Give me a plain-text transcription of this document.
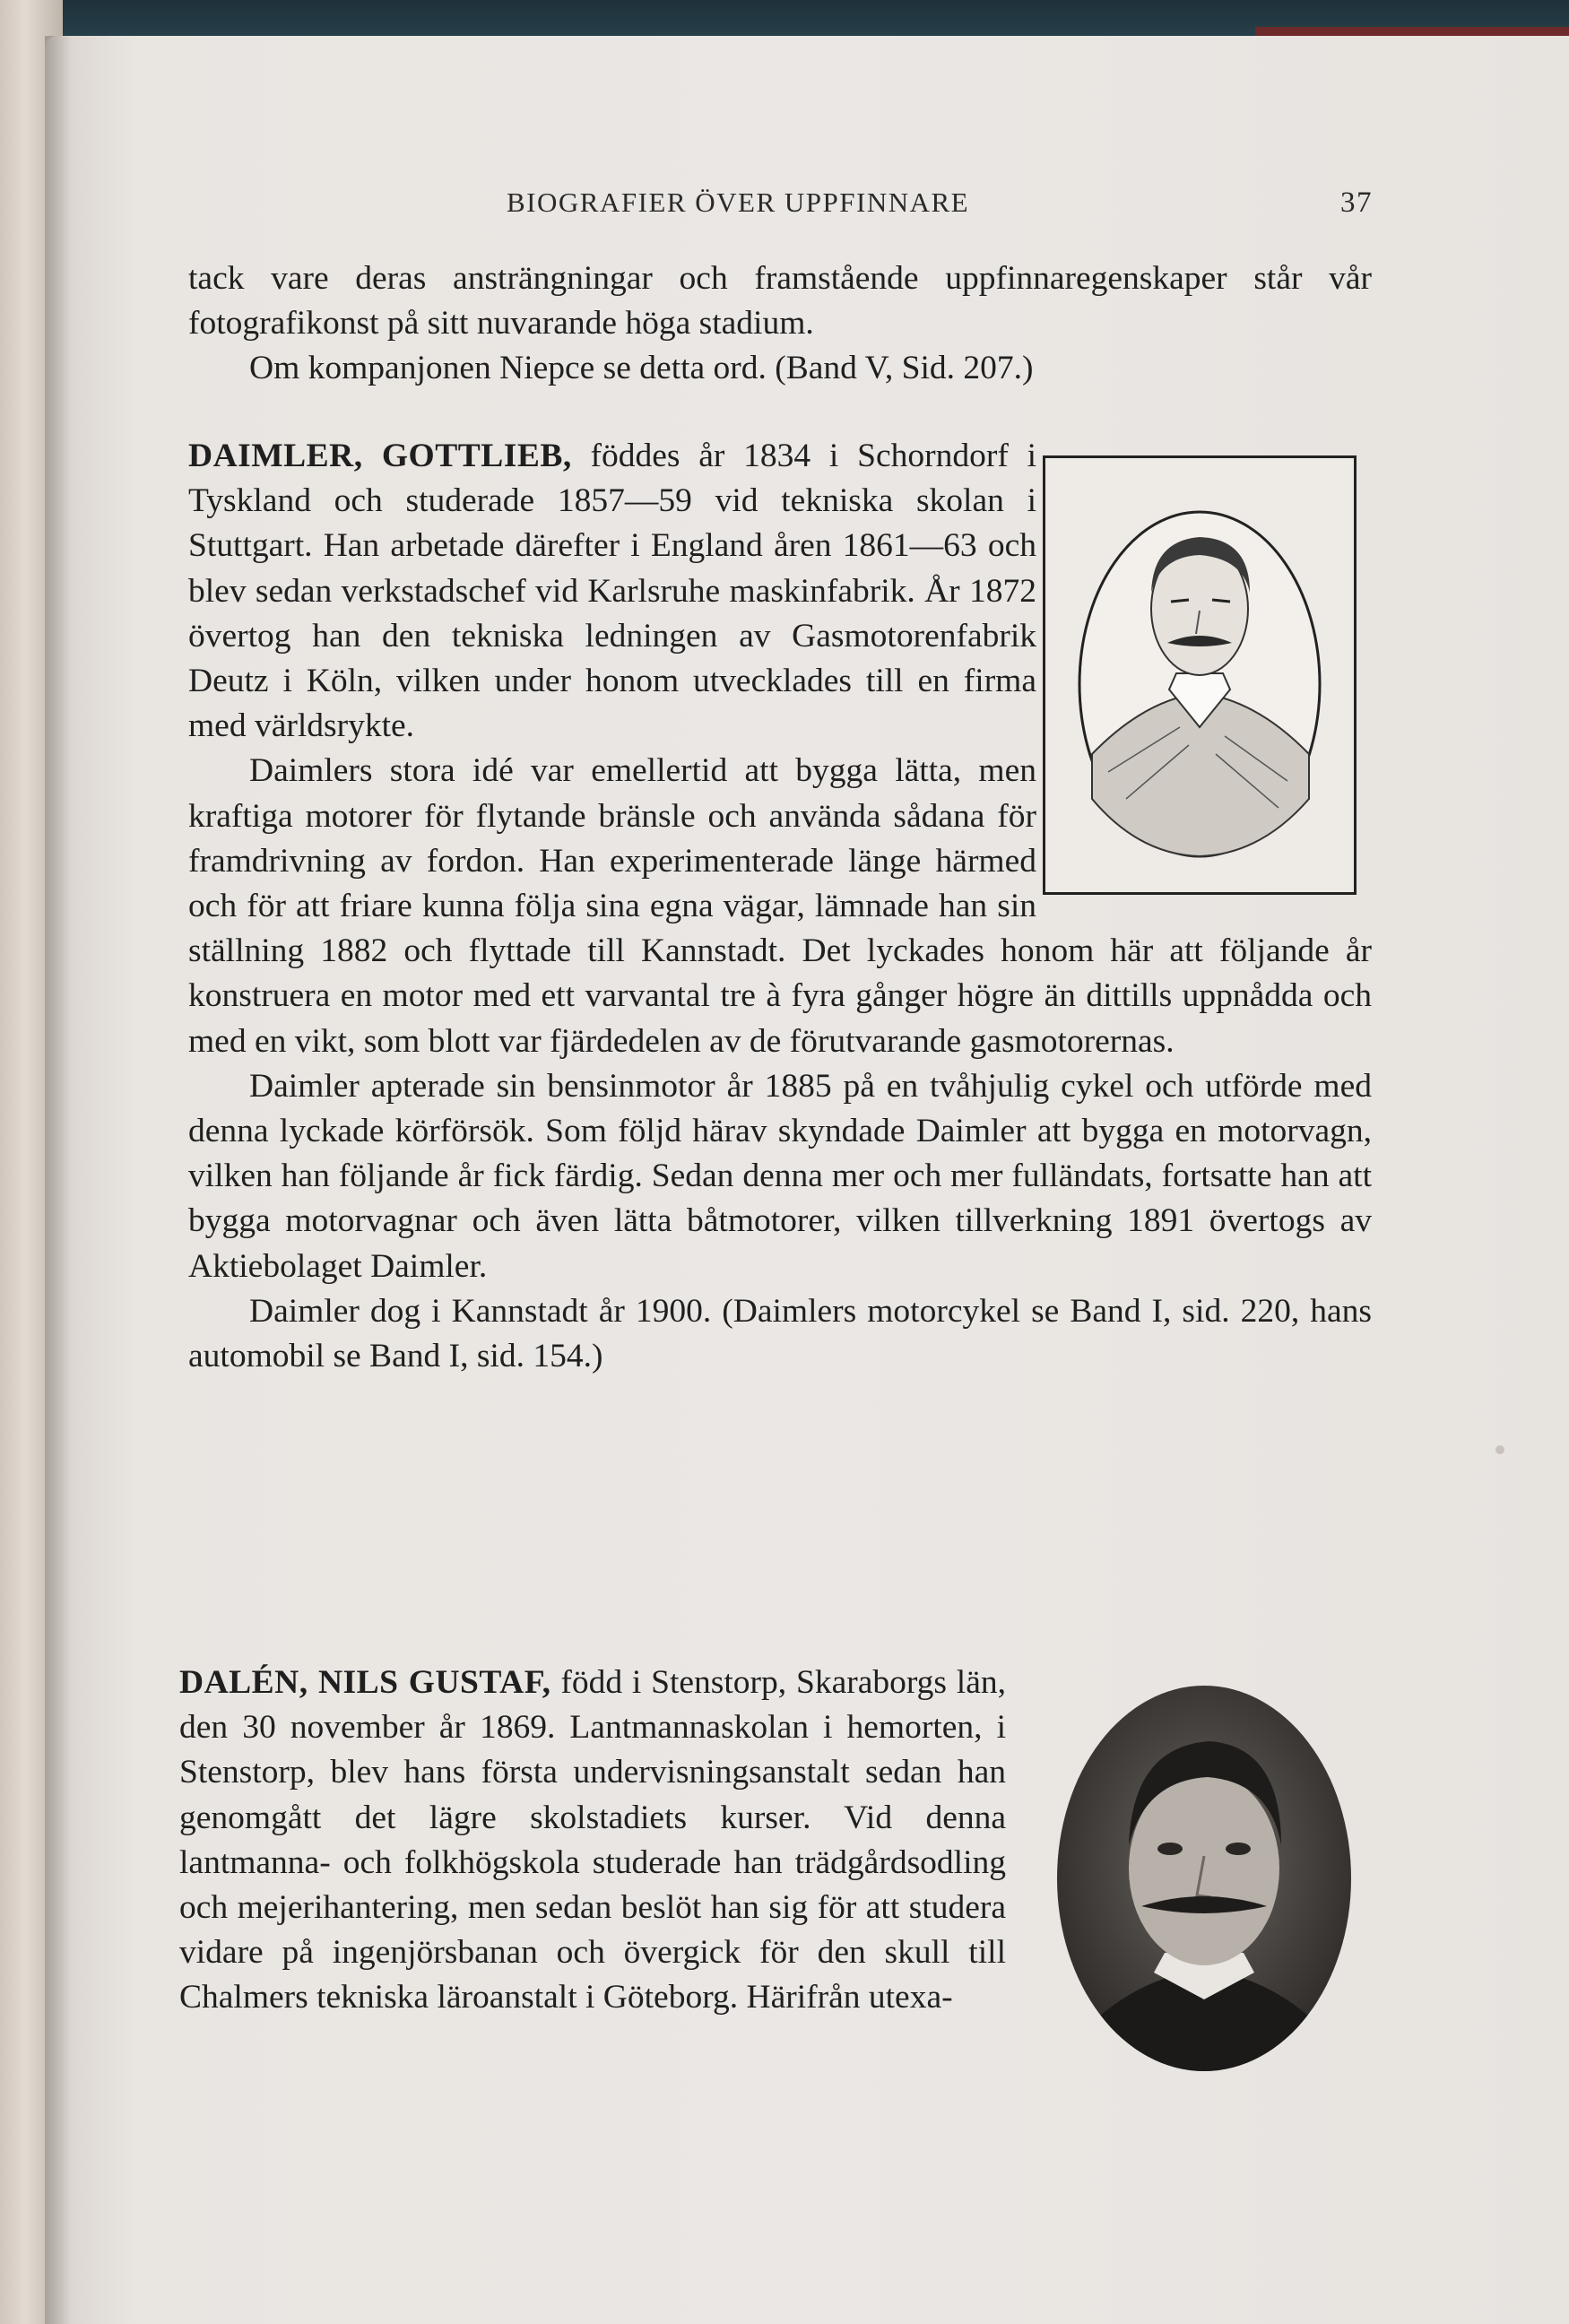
BIOGRAFIER ÖVER UPPFINNARE	37

tack vare deras ansträngningar och framstående uppfinnaregenskaper står vår fotografikonst på sitt nuvarande höga stadium.

Om kompanjonen Niepce se detta ord. (Band V, Sid. 207.)

DAIMLER, GOTTLIEB, föddes år 1834 i Schorndorf i Tyskland och studerade 1857—59 vid tekniska skolan i Stuttgart. Han arbetade därefter i England åren 1861—63 och blev sedan verkstadschef vid Karlsruhe maskinfabrik. År 1872 övertog han den tekniska ledningen av Gasmotorenfabrik Deutz i Köln, vilken under honom utvecklades till en firma med världsrykte.

Daimlers stora idé var emellertid att bygga lätta, men kraftiga motorer för flytande bränsle och använda sådana för framdrivning av fordon. Han experimenterade länge härmed och för att friare kunna följa sina egna vägar, lämnade han sin ställning 1882 och flyttade till Kannstadt. Det lyckades honom här att följande år konstruera en motor med ett varvantal tre à fyra gånger högre än dittills uppnådda och med en vikt, som blott var fjärdedelen av de förutvarande gasmotorernas.

Daimler apterade sin bensinmotor år 1885 på en tvåhjulig cykel och utförde med denna lyckade körförsök. Som följd härav skyndade Daimler att bygga en motorvagn, vilken han följande år fick färdig. Sedan denna mer och mer fulländats, fortsatte han att bygga motorvagnar och även lätta båtmotorer, vilken tillverkning 1891 övertogs av Aktiebolaget Daimler.

Daimler dog i Kannstadt år 1900. (Daimlers motorcykel se Band I, sid. 220, hans automobil se Band I, sid. 154.)

DALÉN, NILS GUSTAF, född i Stenstorp, Skaraborgs län, den 30 november år 1869. Lantmannaskolan i hemorten, i Stenstorp, blev hans första undervisningsanstalt sedan han genomgått det lägre skolstadiets kurser. Vid denna lantmanna- och folkhögskola studerade han trädgårdsodling och mejerihantering, men sedan beslöt han sig för att studera vidare på ingenjörsbanan och övergick för den skull till Chalmers tekniska läroanstalt i Göteborg. Härifrån utexa-
